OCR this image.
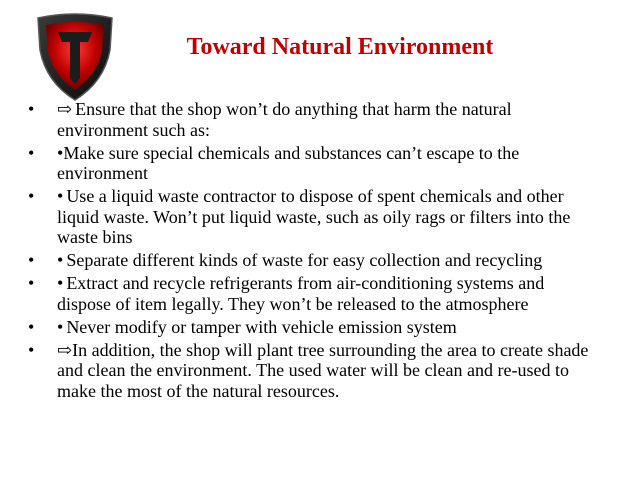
Toward Natural Environment
• ⇨ Ensure that the shop won’t do anything that harm the natural environment such as:
• •Make sure special chemicals and substances can’t escape to the environment
• • Use a liquid waste contractor to dispose of spent chemicals and other liquid waste. Won’t put liquid waste, such as oily rags or filters into the waste bins
• • Separate different kinds of waste for easy collection and recycling
• • Extract and recycle refrigerants from air-conditioning systems and dispose of item legally. They won’t be released to the atmosphere
• • Never modify or tamper with vehicle emission system
• ⇨In addition, the shop will plant tree surrounding the area to create shade and clean the environment. The used water will be clean and re-used to make the most of the natural resources.
